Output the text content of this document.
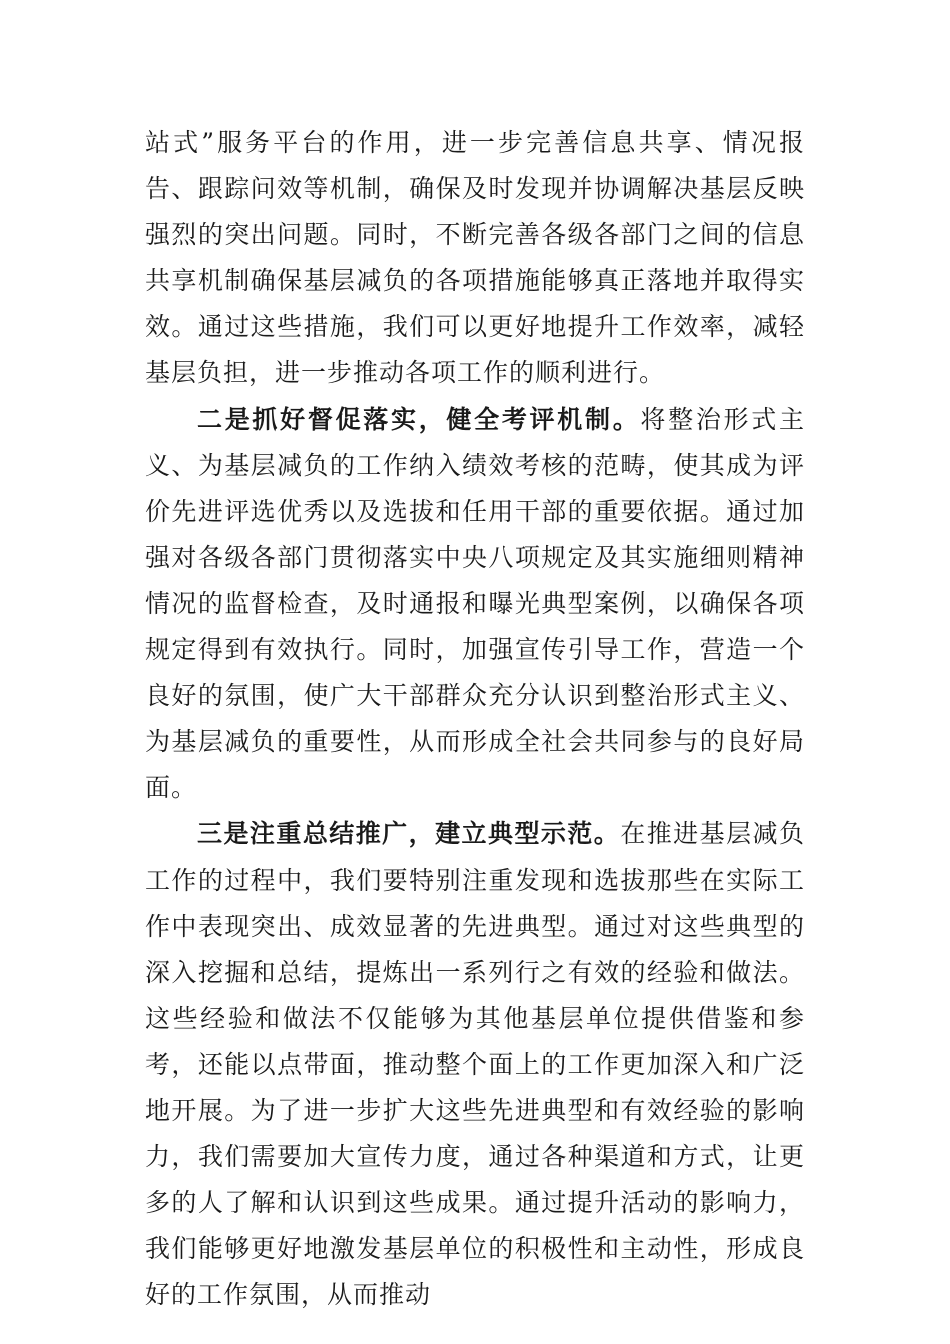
站式”服务平台的作用，进一步完善信息共享、情况报告、跟踪问效等机制，确保及时发现并协调解决基层反映强烈的突出问题。同时，不断完善各级各部门之间的信息共享机制确保基层减负的各项措施能够真正落地并取得实效。通过这些措施，我们可以更好地提升工作效率，减轻基层负担，进一步推动各项工作的顺利进行。

二是抓好督促落实，健全考评机制。将整治形式主义、为基层减负的工作纳入绩效考核的范畴，使其成为评价先进评选优秀以及选拔和任用干部的重要依据。通过加强对各级各部门贯彻落实中央八项规定及其实施细则精神情况的监督检查，及时通报和曝光典型案例，以确保各项规定得到有效执行。同时，加强宣传引导工作，营造一个良好的氛围，使广大干部群众充分认识到整治形式主义、为基层减负的重要性，从而形成全社会共同参与的良好局面。

三是注重总结推广，建立典型示范。在推进基层减负工作的过程中，我们要特别注重发现和选拔那些在实际工作中表现突出、成效显著的先进典型。通过对这些典型的深入挖掘和总结，提炼出一系列行之有效的经验和做法。这些经验和做法不仅能够为其他基层单位提供借鉴和参考，还能以点带面，推动整个面上的工作更加深入和广泛地开展。为了进一步扩大这些先进典型和有效经验的影响力，我们需要加大宣传力度，通过各种渠道和方式，让更多的人了解和认识到这些成果。通过提升活动的影响力，我们能够更好地激发基层单位的积极性和主动性，形成良好的工作氛围，从而推动
